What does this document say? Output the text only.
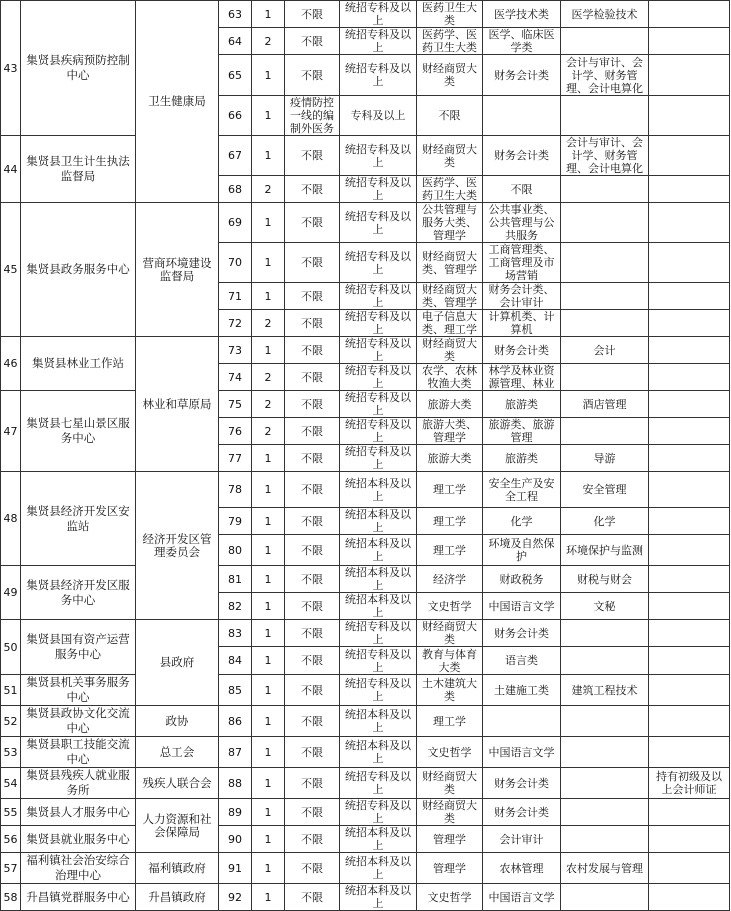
43	集贤县疾病预防控制中心	卫生健康局	63	1	不限	统招专科及以上	医药卫生大类	医学技术类	医学检验技术	
			64	2	不限	统招专科及以上	医药学、医药卫生大类	医学、临床医学类		
			65	1	不限	统招专科及以上	财经商贸大类	财务会计类	会计与审计、会计学、财务管理、会计电算化	
			66	1	疫情防控一线的编制外医务	专科及以上	不限			
44	集贤县卫生计生执法监督局		67	1	不限	统招专科及以上	财经商贸大类	财务会计类	会计与审计、会计学、财务管理、会计电算化	
			68	2	不限	统招专科及以上	医药学、医药卫生大类	不限		
45	集贤县政务服务中心	营商环境建设监督局	69	1	不限	统招专科及以上	公共管理与服务大类、管理学	公共事业类、公共管理与公共服务		
			70	1	不限	统招专科及以上	财经商贸大类、管理学	工商管理类、工商管理及市场营销		
			71	1	不限	统招专科及以上	财经商贸大类、管理学	财务会计类、会计审计		
			72	2	不限	统招专科及以上	电子信息大类、理工学	计算机类、计算机		
46	集贤县林业工作站	林业和草原局	73	1	不限	统招专科及以上	财经商贸大类	财务会计类	会计	
			74	2	不限	统招专科及以上	农学、农林牧渔大类	林学及林业资源管理、林业		
47	集贤县七星山景区服务中心		75	2	不限	统招专科及以上	旅游大类	旅游类	酒店管理	
			76	2	不限	统招专科及以上	旅游大类、管理学	旅游类、旅游管理		
			77	1	不限	统招专科及以上	旅游大类	旅游类	导游	
48	集贤县经济开发区安监站	经济开发区管理委员会	78	1	不限	统招本科及以上	理工学	安全生产及安全工程	安全管理	
			79	1	不限	统招本科及以上	理工学	化学	化学	
			80	1	不限	统招本科及以上	理工学	环境及自然保护	环境保护与监测	
49	集贤县经济开发区服务中心		81	1	不限	统招本科及以上	经济学	财政税务	财税与财会	
			82	1	不限	统招本科及以上	文史哲学	中国语言文学	文秘	
50	集贤县国有资产运营服务中心	县政府	83	1	不限	统招专科及以上	财经商贸大类	财务会计类		
			84	1	不限	统招专科及以上	教育与体育大类	语言类		
51	集贤县机关事务服务中心		85	1	不限	统招专科及以上	土木建筑大类	土建施工类	建筑工程技术	
52	集贤县政协文化交流中心	政协	86	1	不限	统招本科及以上	理工学			
53	集贤县职工技能交流中心	总工会	87	1	不限	统招本科及以上	文史哲学	中国语言文学		
54	集贤县残疾人就业服务所	残疾人联合会	88	1	不限	统招专科及以上	财经商贸大类	财务会计类		持有初级及以上会计师证
55	集贤县人才服务中心	人力资源和社会保障局	89	1	不限	统招专科及以上	财经商贸大类	财务会计类		
56	集贤县就业服务中心		90	1	不限	统招本科及以上	管理学	会计审计		
57	福利镇社会治安综合治理中心	福利镇政府	91	1	不限	统招本科及以上	管理学	农林管理	农村发展与管理	
58	升昌镇党群服务中心	升昌镇政府	92	1	不限	统招本科及以上	文史哲学	中国语言文学		
